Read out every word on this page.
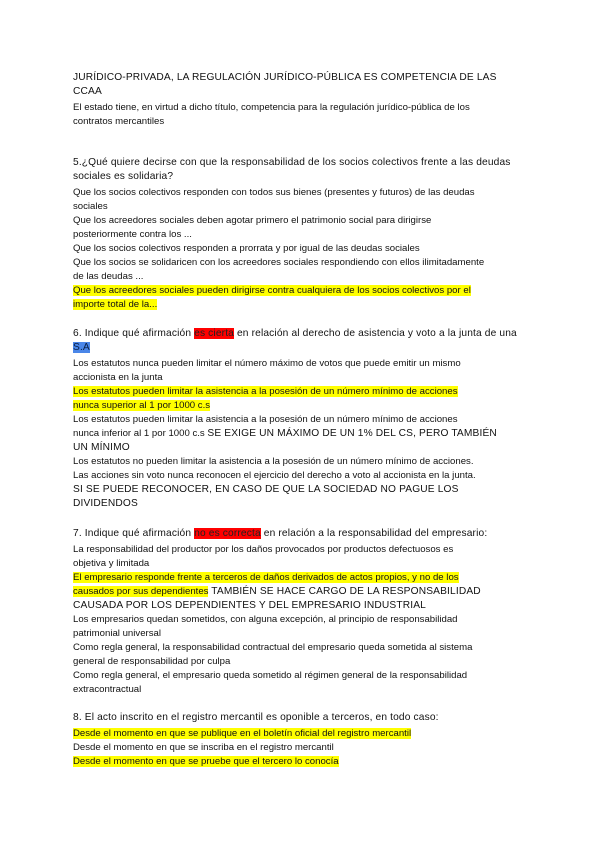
JURÍDICO-PRIVADA, LA REGULACIÓN JURÍDICO-PÚBLICA ES COMPETENCIA DE LAS
CCAA
El estado tiene, en virtud a dicho título, competencia para la regulación jurídico-pública de los
contratos mercantiles
5.¿Qué quiere decirse con que la responsabilidad de los socios colectivos frente a las deudas
sociales es solidaria?
Que los socios colectivos responden con todos sus bienes (presentes y futuros) de las deudas
sociales
Que los acreedores sociales deben agotar primero el patrimonio social para dirigirse
posteriormente contra los ...
Que los socios colectivos responden a prorrata y por igual de las deudas sociales
Que los socios se solidaricen con los acreedores sociales respondiendo con ellos ilimitadamente
de las deudas ...
Que los acreedores sociales pueden dirigirse contra cualquiera de los socios colectivos por el
importe total de la...
6. Indique qué afirmación es cierta en relación al derecho de asistencia y voto a la junta de una
S.A
Los estatutos nunca pueden limitar el número máximo de votos que puede emitir un mismo
accionista en la junta
Los estatutos pueden limitar la asistencia a la posesión de un número mínimo de acciones
nunca superior al 1 por 1000 c.s
Los estatutos pueden limitar la asistencia a la posesión de un número mínimo de acciones
nunca inferior al 1 por 1000 c.s SE EXIGE UN MÁXIMO DE UN 1% DEL CS, PERO TAMBIÉN
UN MÍNIMO
Los estatutos no pueden limitar la asistencia a la posesión de un número mínimo de acciones.
Las acciones sin voto nunca reconocen el ejercicio del derecho a voto al accionista en la junta.
SI SE PUEDE RECONOCER, EN CASO DE QUE LA SOCIEDAD NO PAGUE LOS
DIVIDENDOS
7. Indique qué afirmación no es correcta en relación a la responsabilidad del empresario:
La responsabilidad del productor por los daños provocados por productos defectuosos es
objetiva y limitada
El empresario responde frente a terceros de daños derivados de actos propios, y no de los
causados por sus dependientes TAMBIÉN SE HACE CARGO DE LA RESPONSABILIDAD
CAUSADA POR LOS DEPENDIENTES Y DEL EMPRESARIO INDUSTRIAL
Los empresarios quedan sometidos, con alguna excepción, al principio de responsabilidad
patrimonial universal
Como regla general, la responsabilidad contractual del empresario queda sometida al sistema
general de responsabilidad por culpa
Como regla general, el empresario queda sometido al régimen general de la responsabilidad
extracontractual
8. El acto inscrito en el registro mercantil es oponible a terceros, en todo caso:
Desde el momento en que se publique en el boletín oficial del registro mercantil
Desde el momento en que se inscriba en el registro mercantil
Desde el momento en que se pruebe que el tercero lo conocía
